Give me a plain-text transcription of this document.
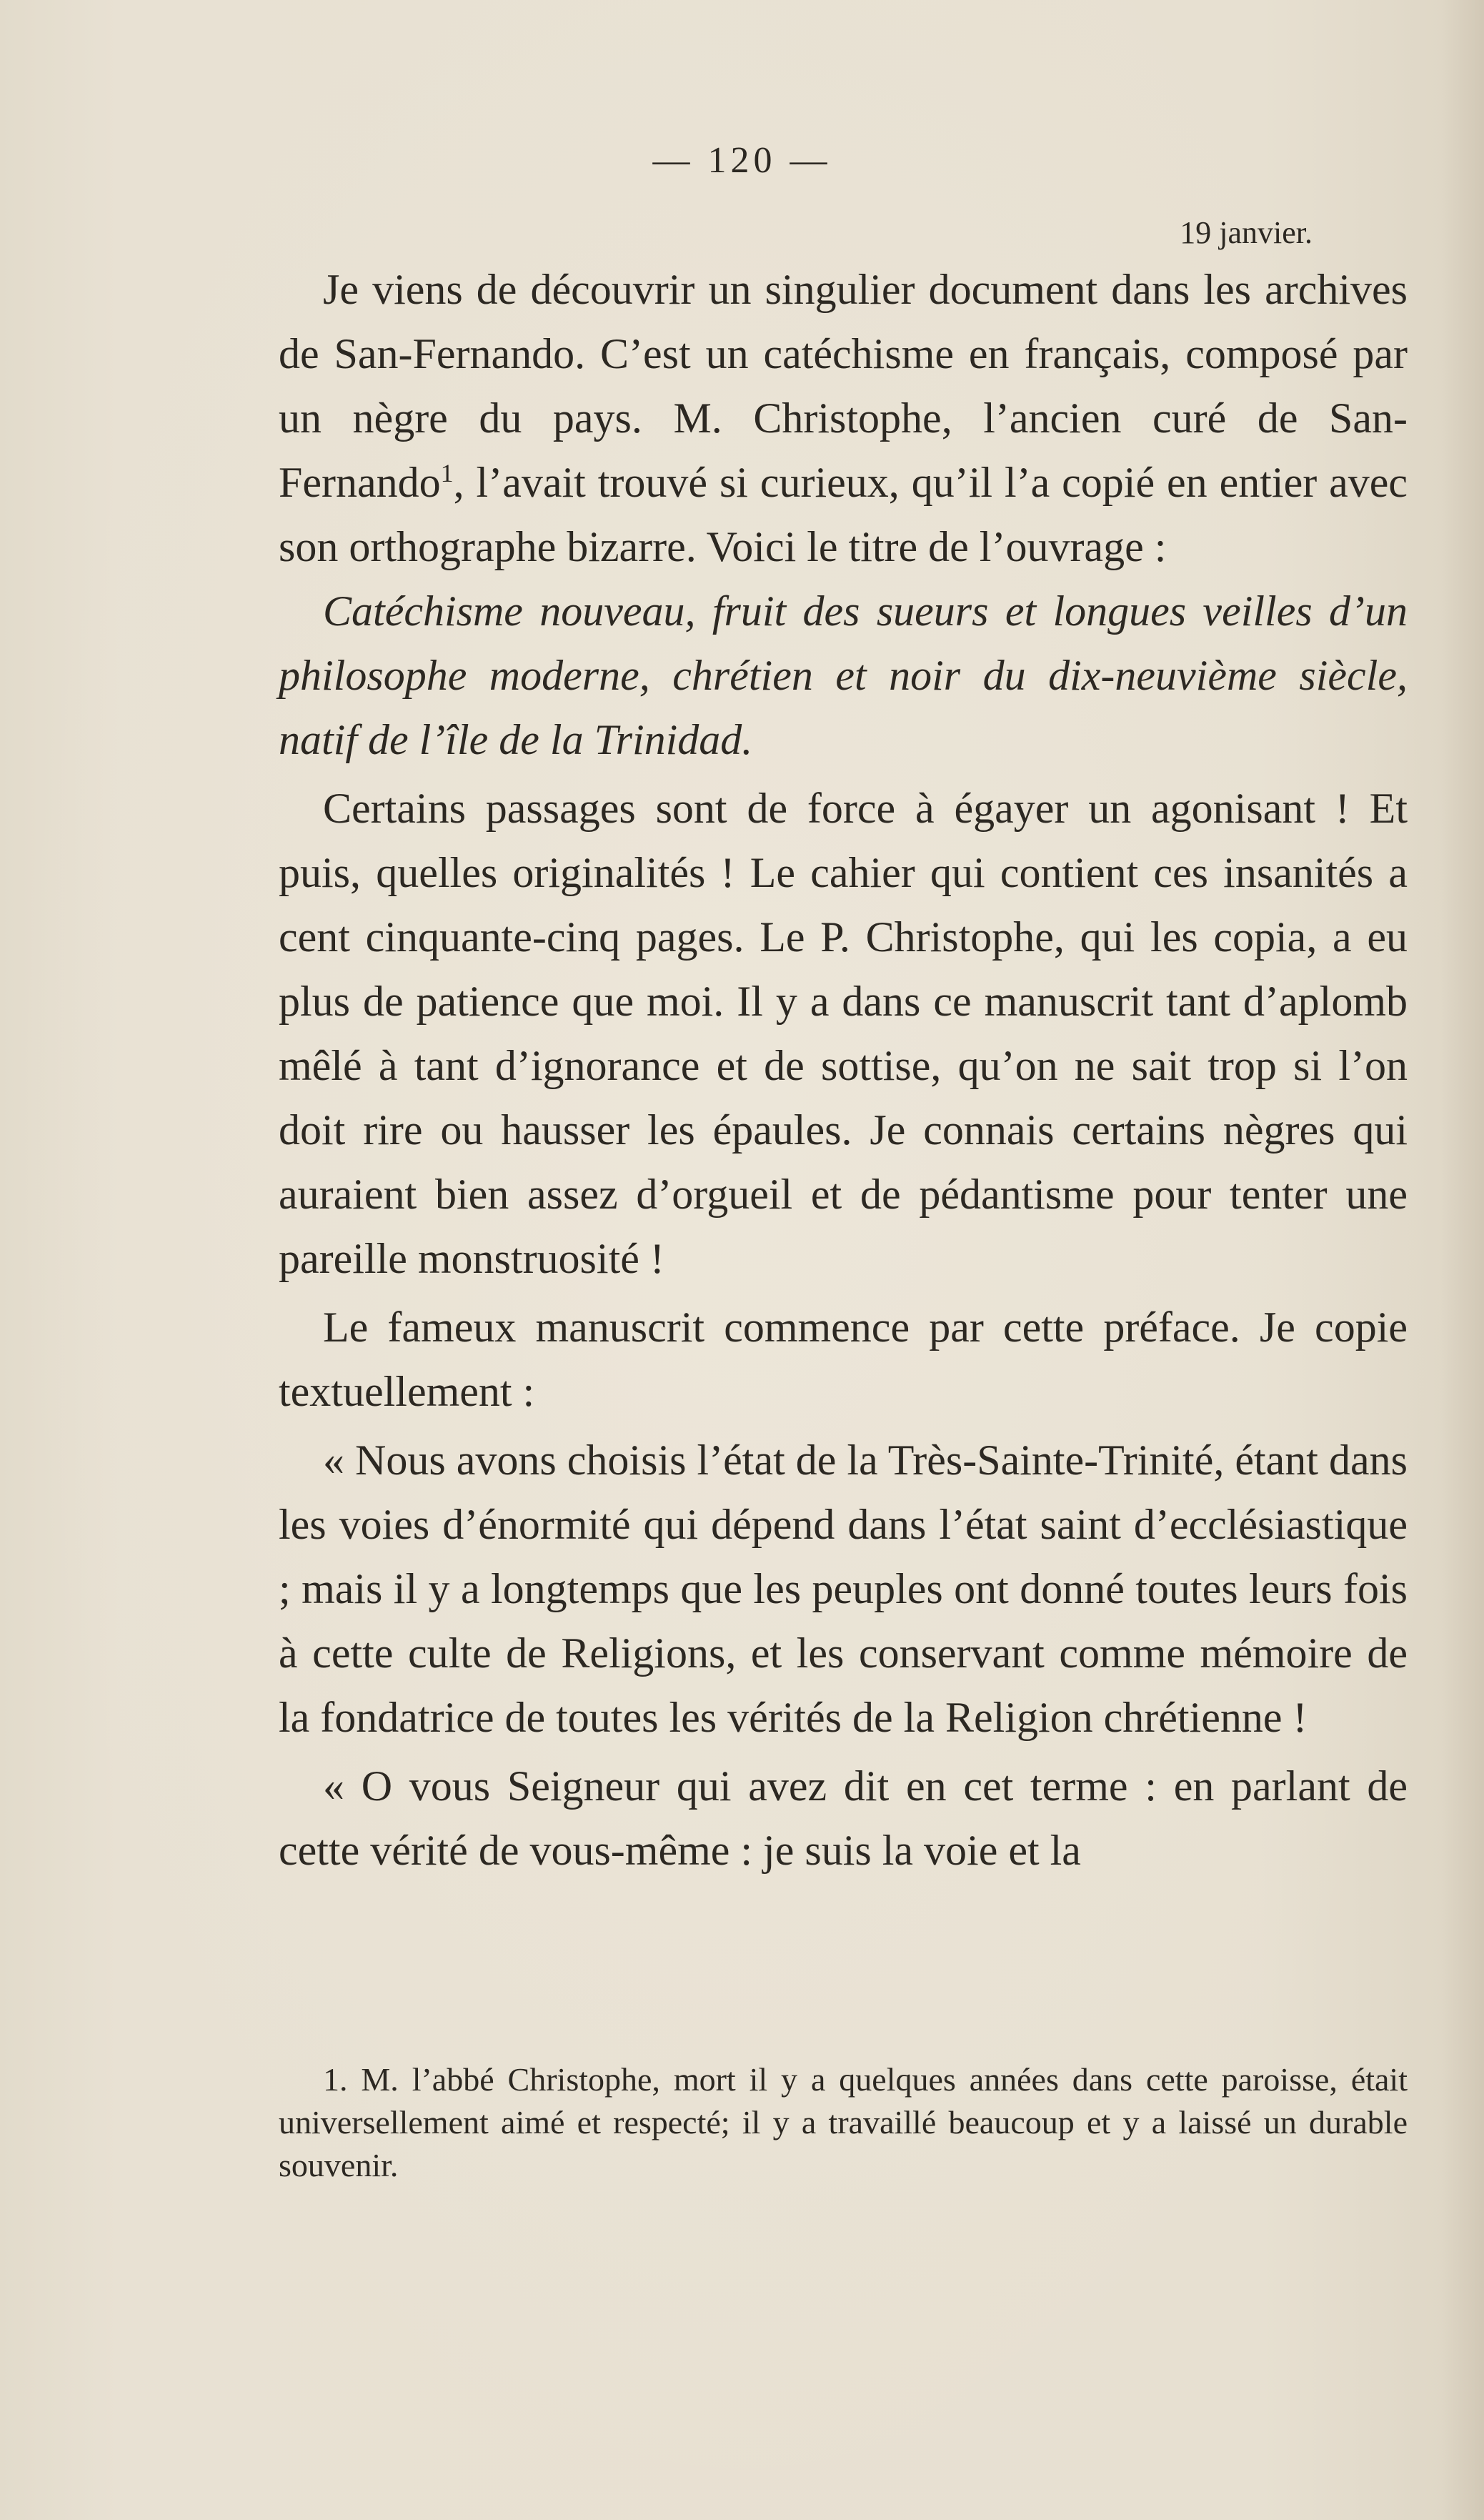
— 120 —
19 janvier.

Je viens de découvrir un singulier document dans les archives de San-Fernando. C’est un catéchisme en français, composé par un nègre du pays. M. Christophe, l’ancien curé de San-Fernando$^1$, l’avait trouvé si curieux, qu’il l’a copié en entier avec son orthographe bizarre. Voici le titre de l’ouvrage :

Catéchisme nouveau, fruit des sueurs et longues veilles d’un philosophe moderne, chrétien et noir du dix-neuvième siècle, natif de l’île de la Trinidad.

Certains passages sont de force à égayer un agonisant ! Et puis, quelles originalités ! Le cahier qui contient ces insanités a cent cinquante-cinq pages. Le P. Christophe, qui les copia, a eu plus de patience que moi. Il y a dans ce manuscrit tant d’aplomb mêlé à tant d’ignorance et de sottise, qu’on ne sait trop si l’on doit rire ou hausser les épaules. Je connais certains nègres qui auraient bien assez d’orgueil et de pédantisme pour tenter une pareille monstruosité !

Le fameux manuscrit commence par cette préface. Je copie textuellement :

« Nous avons choisis l’état de la Très-Sainte-Trinité, étant dans les voies d’énormité qui dépend dans l’état saint d’ecclésiastique ; mais il y a longtemps que les peuples ont donné toutes leurs fois à cette culte de Religions, et les conservant comme mémoire de la fondatrice de toutes les vérités de la Religion chrétienne !

« O vous Seigneur qui avez dit en cet terme : en parlant de cette vérité de vous-même : je suis la voie et la

1. M. l’abbé Christophe, mort il y a quelques années dans cette paroisse, était universellement aimé et respecté; il y a travaillé beaucoup et y a laissé un durable souvenir.
